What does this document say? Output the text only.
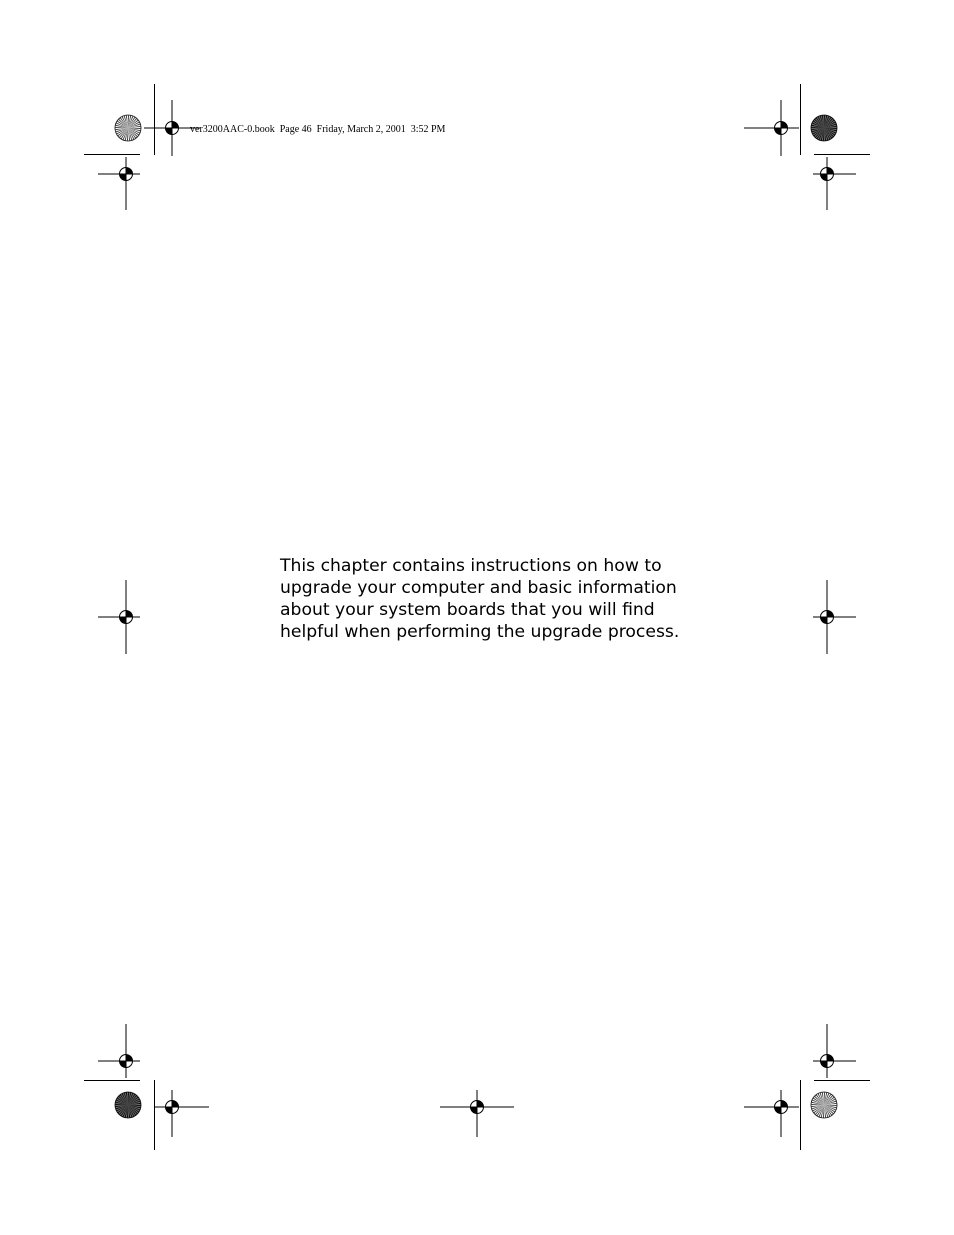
ver3200AAC-0.book  Page 46  Friday, March 2, 2001  3:52 PM

This chapter contains instructions on how to upgrade your computer and basic information about your system boards that you will find helpful when performing the upgrade process.
